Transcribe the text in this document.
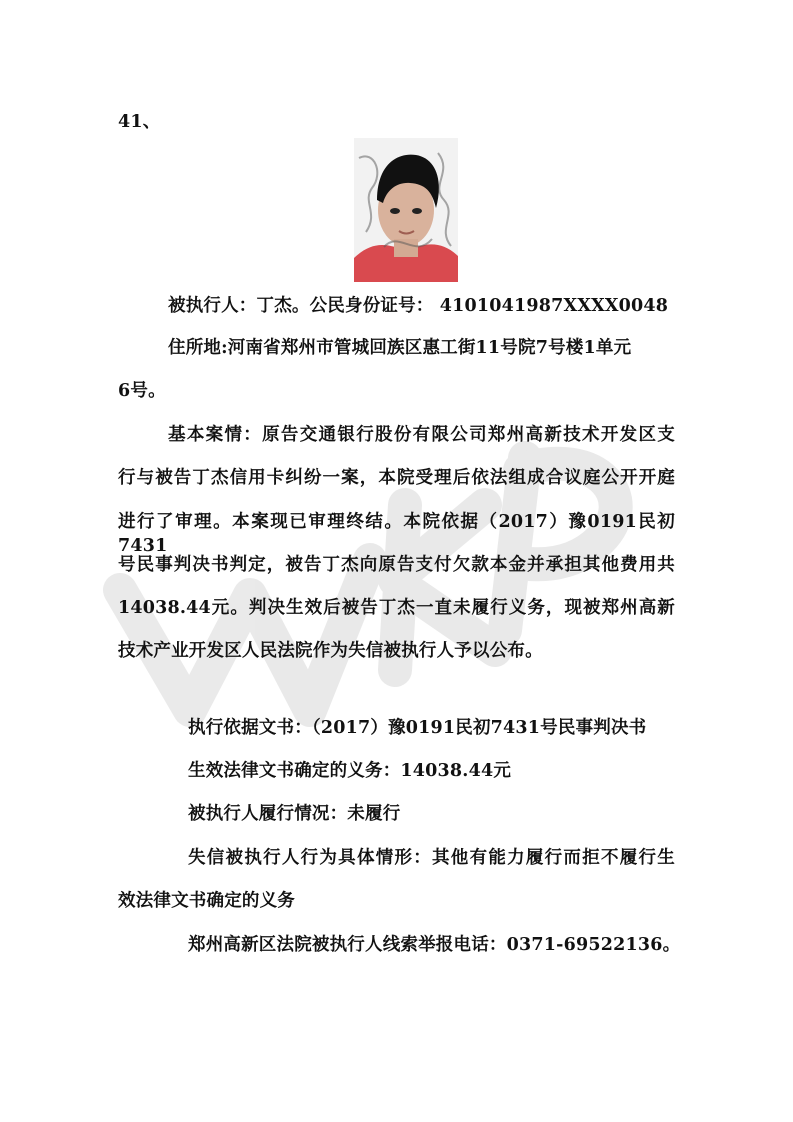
41、
被执行人：丁杰。公民身份证号： 4101041987XXXX0048
住所地:河南省郑州市管城回族区惠工街11号院7号楼1单元
6号。
基本案情：原告交通银行股份有限公司郑州高新技术开发区支
行与被告丁杰信用卡纠纷一案，本院受理后依法组成合议庭公开开庭
进行了审理。本案现已审理终结。本院依据（2017）豫0191民初7431
号民事判决书判定，被告丁杰向原告支付欠款本金并承担其他费用共
14038.44元。判决生效后被告丁杰一直未履行义务，现被郑州高新
技术产业开发区人民法院作为失信被执行人予以公布。
执行依据文书：（2017）豫0191民初7431号民事判决书
生效法律文书确定的义务：14038.44元
被执行人履行情况：未履行
失信被执行人行为具体情形：其他有能力履行而拒不履行生
效法律文书确定的义务
郑州高新区法院被执行人线索举报电话：0371-69522136。
